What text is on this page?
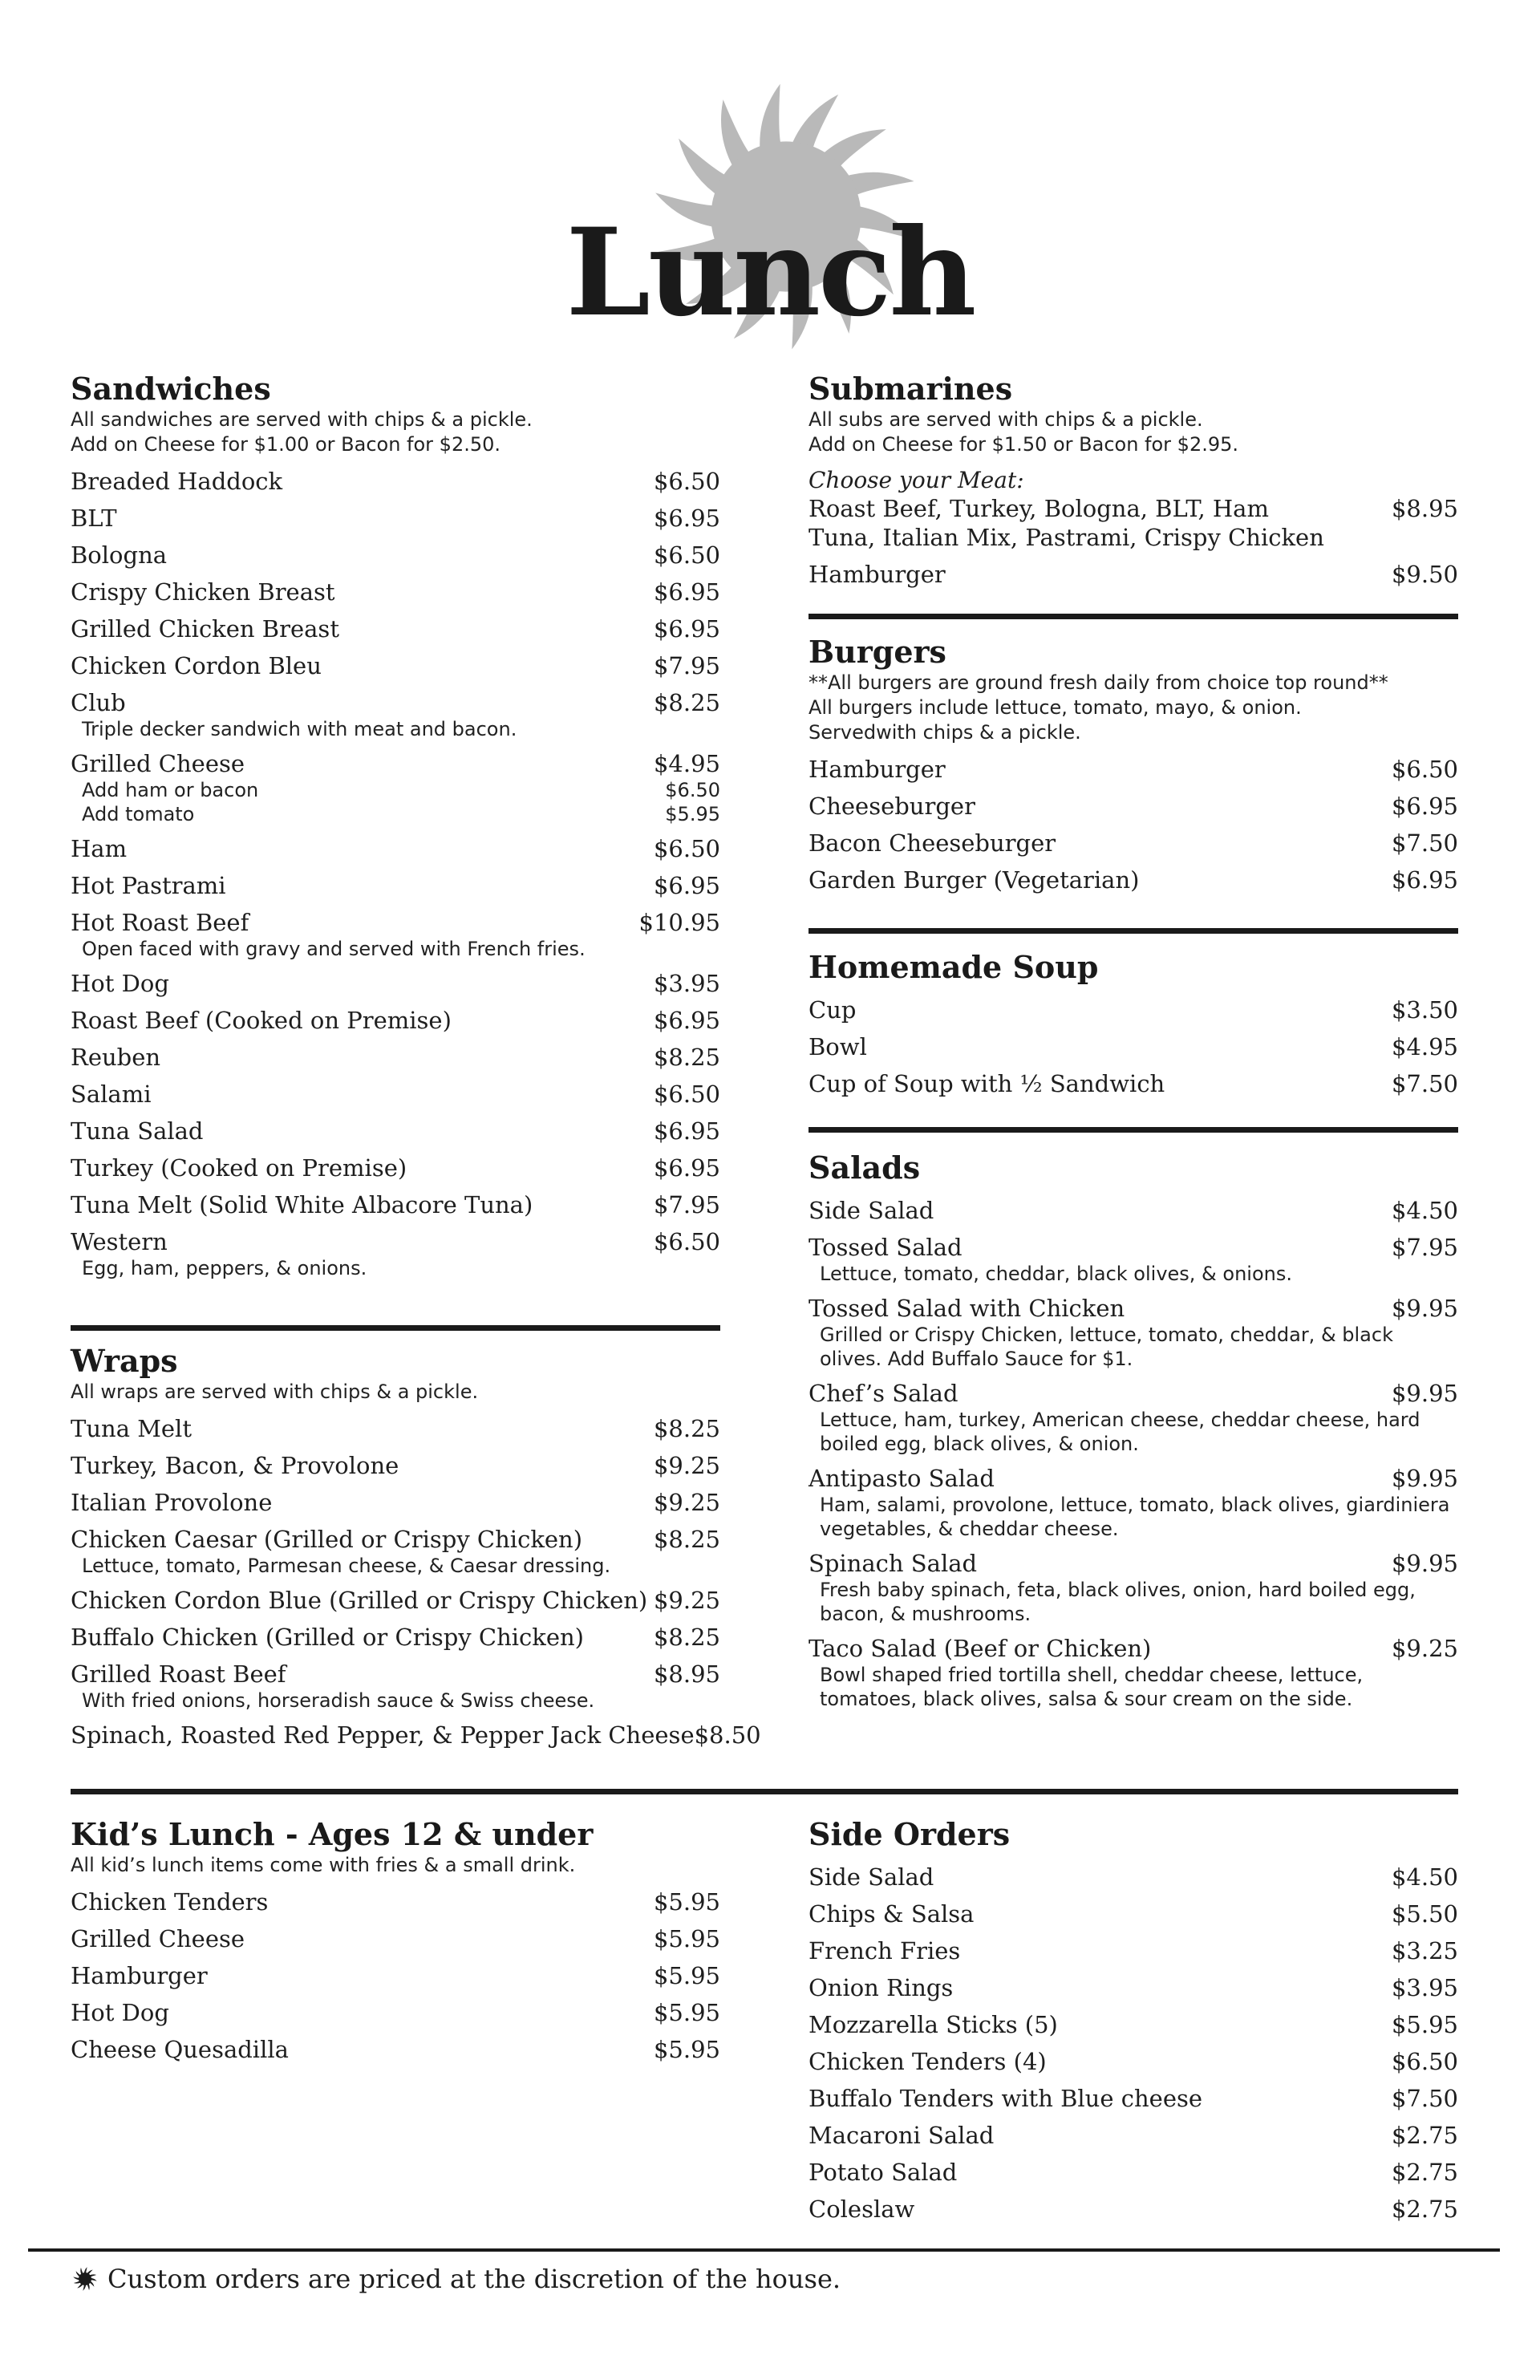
Lunch
Sandwiches
All sandwiches are served with chips & a pickle.
Add on Cheese for $1.00 or Bacon for $2.50.
Breaded Haddock	$6.50
BLT	$6.95
Bologna	$6.50
Crispy Chicken Breast	$6.95
Grilled Chicken Breast	$6.95
Chicken Cordon Bleu	$7.95
Club	$8.25
Triple decker sandwich with meat and bacon.
Grilled Cheese	$4.95
Add ham or bacon	$6.50
Add tomato	$5.95
Ham	$6.50
Hot Pastrami	$6.95
Hot Roast Beef	$10.95
Open faced with gravy and served with French fries.
Hot Dog	$3.95
Roast Beef (Cooked on Premise)	$6.95
Reuben	$8.25
Salami	$6.50
Tuna Salad	$6.95
Turkey (Cooked on Premise)	$6.95
Tuna Melt (Solid White Albacore Tuna)	$7.95
Western	$6.50
Egg, ham, peppers, & onions.
Wraps
All wraps are served with chips & a pickle.
Tuna Melt	$8.25
Turkey, Bacon, & Provolone	$9.25
Italian Provolone	$9.25
Chicken Caesar (Grilled or Crispy Chicken)	$8.25
Lettuce, tomato, Parmesan cheese, & Caesar dressing.
Chicken Cordon Blue (Grilled or Crispy Chicken) $9.25
Buffalo Chicken (Grilled or Crispy Chicken)	$8.25
Grilled Roast Beef	$8.95
With fried onions, horseradish sauce & Swiss cheese.
Spinach, Roasted Red Pepper, & Pepper Jack Cheese $8.50
Kid’s Lunch - Ages 12 & under
All kid’s lunch items come with fries & a small drink.
Chicken Tenders	$5.95
Grilled Cheese	$5.95
Hamburger	$5.95
Hot Dog	$5.95
Cheese Quesadilla	$5.95
Submarines
All subs are served with chips & a pickle.
Add on Cheese for $1.50 or Bacon for $2.95.
Choose your Meat:
Roast Beef, Turkey, Bologna, BLT, Ham	$8.95
Tuna, Italian Mix, Pastrami, Crispy Chicken
Hamburger	$9.50
Burgers
**All burgers are ground fresh daily from choice top round**
All burgers include lettuce, tomato, mayo, & onion.
Servedwith chips & a pickle.
Hamburger	$6.50
Cheeseburger	$6.95
Bacon Cheeseburger	$7.50
Garden Burger (Vegetarian)	$6.95
Homemade Soup
Cup	$3.50
Bowl	$4.95
Cup of Soup with ½ Sandwich	$7.50
Salads
Side Salad	$4.50
Tossed Salad	$7.95
Lettuce, tomato, cheddar, black olives, & onions.
Tossed Salad with Chicken	$9.95
Grilled or Crispy Chicken, lettuce, tomato, cheddar, & black olives. Add Buffalo Sauce for $1.
Chef’s Salad	$9.95
Lettuce, ham, turkey, American cheese, cheddar cheese, hard boiled egg, black olives, & onion.
Antipasto Salad	$9.95
Ham, salami, provolone, lettuce, tomato, black olives, giardiniera vegetables, & cheddar cheese.
Spinach Salad	$9.95
Fresh baby spinach, feta, black olives, onion, hard boiled egg, bacon, & mushrooms.
Taco Salad (Beef or Chicken)	$9.25
Bowl shaped fried tortilla shell, cheddar cheese, lettuce, tomatoes, black olives, salsa & sour cream on the side.
Side Orders
Side Salad	$4.50
Chips & Salsa	$5.50
French Fries	$3.25
Onion Rings	$3.95
Mozzarella Sticks (5)	$5.95
Chicken Tenders (4)	$6.50
Buffalo Tenders with Blue cheese	$7.50
Macaroni Salad	$2.75
Potato Salad	$2.75
Coleslaw	$2.75
Custom orders are priced at the discretion of the house.
